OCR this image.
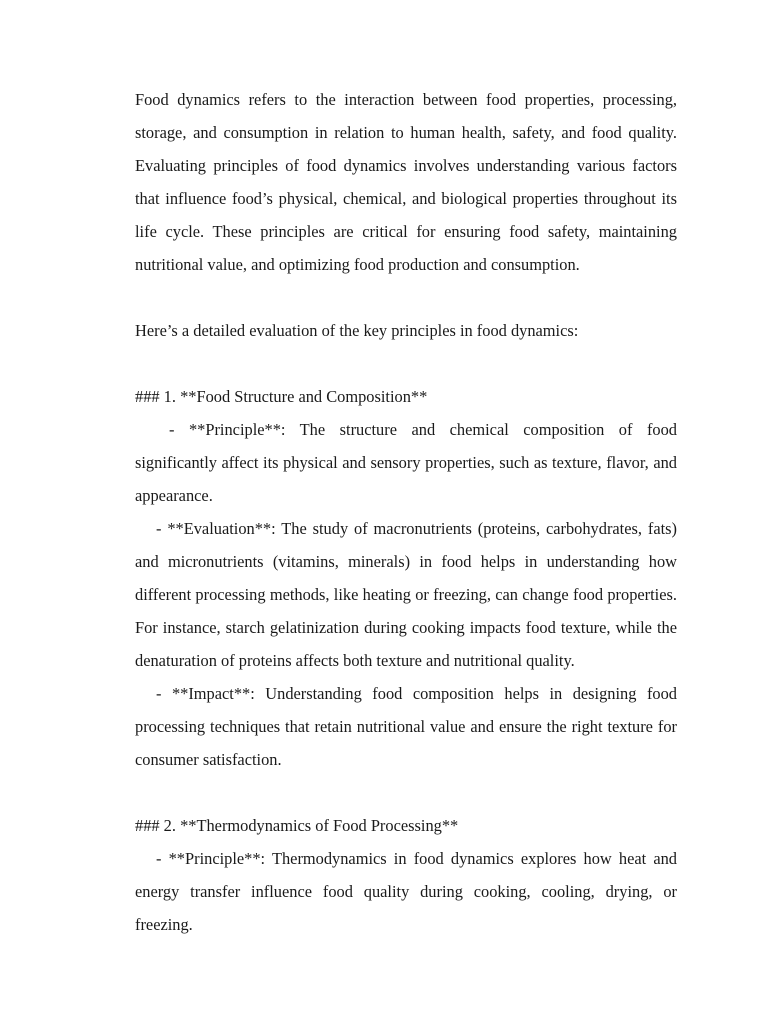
Food dynamics refers to the interaction between food properties, processing, storage, and consumption in relation to human health, safety, and food quality. Evaluating principles of food dynamics involves understanding various factors that influence food’s physical, chemical, and biological properties throughout its life cycle. These principles are critical for ensuring food safety, maintaining nutritional value, and optimizing food production and consumption.

Here’s a detailed evaluation of the key principles in food dynamics:

### 1. **Food Structure and Composition**

- **Principle**: The structure and chemical composition of food significantly affect its physical and sensory properties, such as texture, flavor, and appearance.

- **Evaluation**: The study of macronutrients (proteins, carbohydrates, fats) and micronutrients (vitamins, minerals) in food helps in understanding how different processing methods, like heating or freezing, can change food properties. For instance, starch gelatinization during cooking impacts food texture, while the denaturation of proteins affects both texture and nutritional quality.

- **Impact**: Understanding food composition helps in designing food processing techniques that retain nutritional value and ensure the right texture for consumer satisfaction.

### 2. **Thermodynamics of Food Processing**

- **Principle**: Thermodynamics in food dynamics explores how heat and energy transfer influence food quality during cooking, cooling, drying, or freezing.
